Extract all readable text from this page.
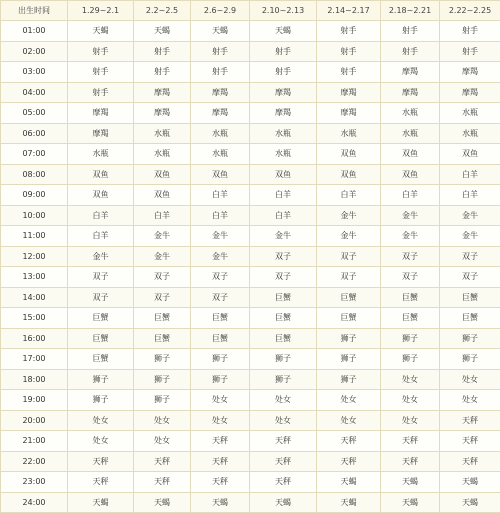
出生时间	1.29~2.1	2.2~2.5	2.6~2.9	2.10~2.13	2.14~2.17	2.18~2.21	2.22~2.25
01:00	天蝎	天蝎	天蝎	天蝎	射手	射手	射手
02:00	射手	射手	射手	射手	射手	射手	射手
03:00	射手	射手	射手	射手	射手	摩羯	摩羯
04:00	射手	摩羯	摩羯	摩羯	摩羯	摩羯	摩羯
05:00	摩羯	摩羯	摩羯	摩羯	摩羯	水瓶	水瓶
06:00	摩羯	水瓶	水瓶	水瓶	水瓶	水瓶	水瓶
07:00	水瓶	水瓶	水瓶	水瓶	双鱼	双鱼	双鱼
08:00	双鱼	双鱼	双鱼	双鱼	双鱼	双鱼	白羊
09:00	双鱼	双鱼	白羊	白羊	白羊	白羊	白羊
10:00	白羊	白羊	白羊	白羊	金牛	金牛	金牛
11:00	白羊	金牛	金牛	金牛	金牛	金牛	金牛
12:00	金牛	金牛	金牛	双子	双子	双子	双子
13:00	双子	双子	双子	双子	双子	双子	双子
14:00	双子	双子	双子	巨蟹	巨蟹	巨蟹	巨蟹
15:00	巨蟹	巨蟹	巨蟹	巨蟹	巨蟹	巨蟹	巨蟹
16:00	巨蟹	巨蟹	巨蟹	巨蟹	狮子	狮子	狮子
17:00	巨蟹	狮子	狮子	狮子	狮子	狮子	狮子
18:00	狮子	狮子	狮子	狮子	狮子	处女	处女
19:00	狮子	狮子	处女	处女	处女	处女	处女
20:00	处女	处女	处女	处女	处女	处女	天秤
21:00	处女	处女	天秤	天秤	天秤	天秤	天秤
22:00	天秤	天秤	天秤	天秤	天秤	天秤	天秤
23:00	天秤	天秤	天秤	天秤	天蝎	天蝎	天蝎
24:00	天蝎	天蝎	天蝎	天蝎	天蝎	天蝎	天蝎
